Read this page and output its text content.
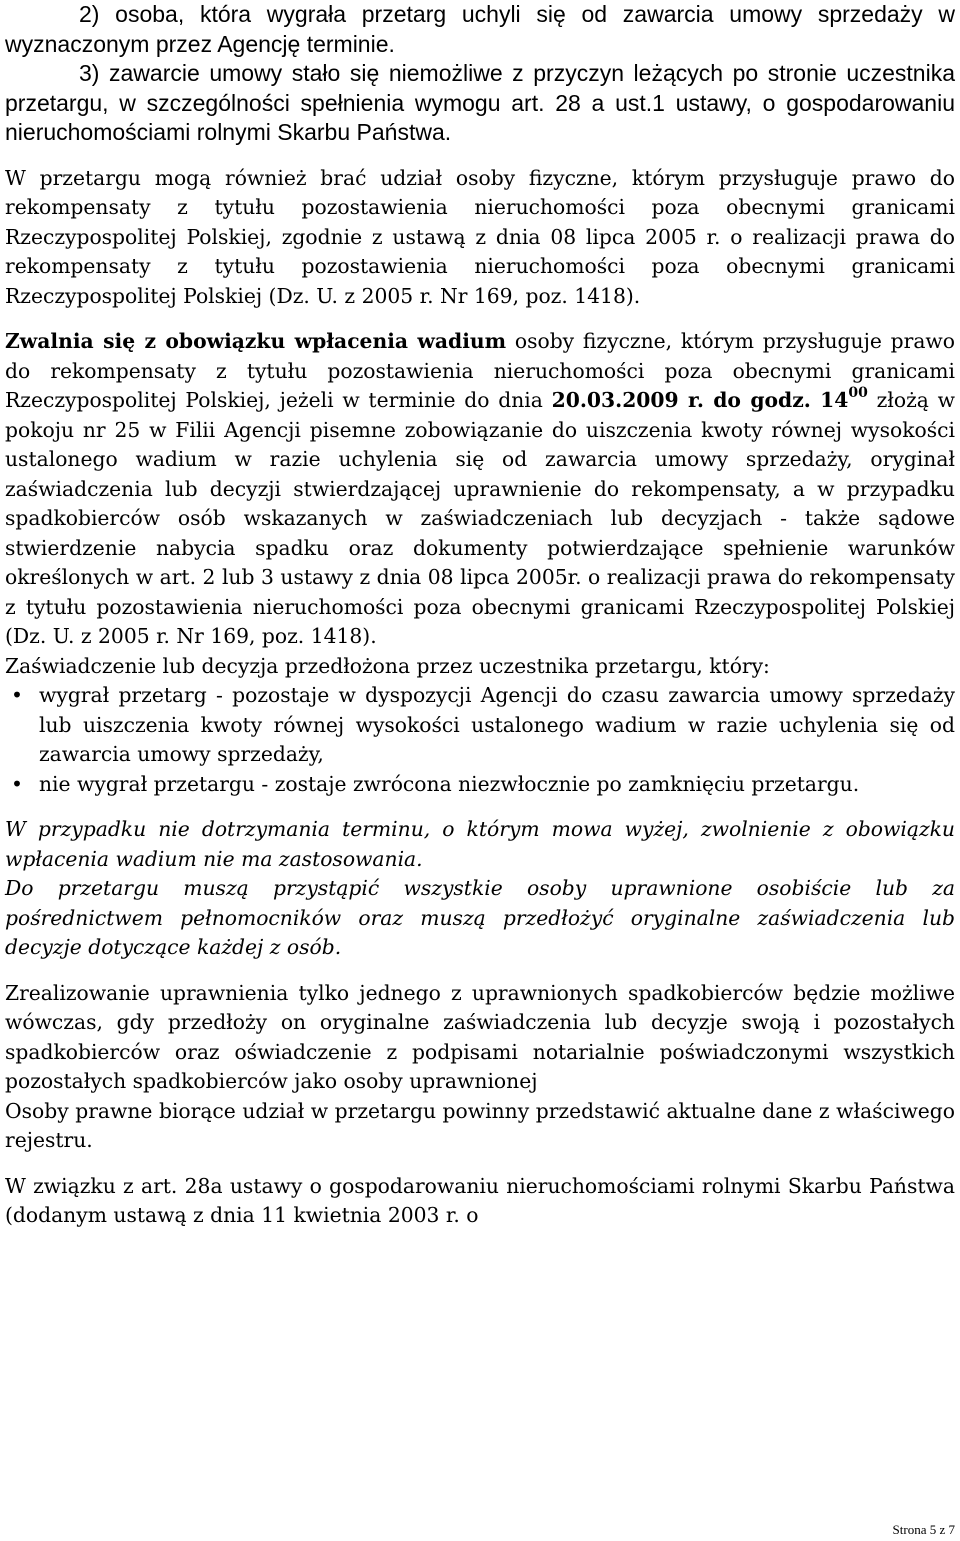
2) osoba, która wygrała przetarg uchyli się od zawarcia umowy sprzedaży w wyznaczonym przez Agencję terminie.

3) zawarcie umowy stało się niemożliwe z przyczyn leżących po stronie uczestnika przetargu, w szczególności spełnienia wymogu art. 28 a ust.1 ustawy, o gospodarowaniu nieruchomościami rolnymi Skarbu Państwa.

W przetargu mogą również brać udział osoby fizyczne, którym przysługuje prawo do rekompensaty z tytułu pozostawienia nieruchomości poza obecnymi granicami Rzeczypospolitej Polskiej, zgodnie z ustawą z dnia 08 lipca 2005 r. o realizacji prawa do rekompensaty z tytułu pozostawienia nieruchomości poza obecnymi granicami Rzeczypospolitej Polskiej (Dz. U. z 2005 r. Nr 169, poz. 1418).

Zwalnia się z obowiązku wpłacenia wadium osoby fizyczne, którym przysługuje prawo do rekompensaty z tytułu pozostawienia nieruchomości poza obecnymi granicami Rzeczypospolitej Polskiej, jeżeli w terminie do dnia 20.03.2009 r. do godz. $14^{00}$ złożą w pokoju nr 25 w Filii Agencji pisemne zobowiązanie do uiszczenia kwoty równej wysokości ustalonego wadium w razie uchylenia się od zawarcia umowy sprzedaży, oryginał zaświadczenia lub decyzji stwierdzającej uprawnienie do rekompensaty, a w przypadku spadkobierców osób wskazanych w zaświadczeniach lub decyzjach - także sądowe stwierdzenie nabycia spadku oraz dokumenty potwierdzające spełnienie warunków określonych w art. 2 lub 3 ustawy z dnia 08 lipca 2005r. o realizacji prawa do rekompensaty z tytułu pozostawienia nieruchomości poza obecnymi granicami Rzeczypospolitej Polskiej (Dz. U. z 2005 r. Nr 169, poz. 1418).

Zaświadczenie lub decyzja przedłożona przez uczestnika przetargu, który:

• wygrał przetarg - pozostaje w dyspozycji Agencji do czasu zawarcia umowy sprzedaży lub uiszczenia kwoty równej wysokości ustalonego wadium w razie uchylenia się od zawarcia umowy sprzedaży,
• nie wygrał przetargu - zostaje zwrócona niezwłocznie po zamknięciu przetargu.

W przypadku nie dotrzymania terminu, o którym mowa wyżej, zwolnienie z obowiązku wpłacenia wadium nie ma zastosowania.

Do przetargu muszą przystąpić wszystkie osoby uprawnione osobiście lub za pośrednictwem pełnomocników oraz muszą przedłożyć oryginalne zaświadczenia lub decyzje dotyczące każdej z osób.

Zrealizowanie uprawnienia tylko jednego z uprawnionych spadkobierców będzie możliwe wówczas, gdy przedłoży on oryginalne zaświadczenia lub decyzje swoją i pozostałych spadkobierców oraz oświadczenie z podpisami notarialnie poświadczonymi wszystkich pozostałych spadkobierców jako osoby uprawnionej

Osoby prawne biorące udział w przetargu powinny przedstawić aktualne dane z właściwego rejestru.

W związku z art. 28a ustawy o gospodarowaniu nieruchomościami rolnymi Skarbu Państwa (dodanym ustawą z dnia 11 kwietnia 2003 r. o

Strona 5 z 7
